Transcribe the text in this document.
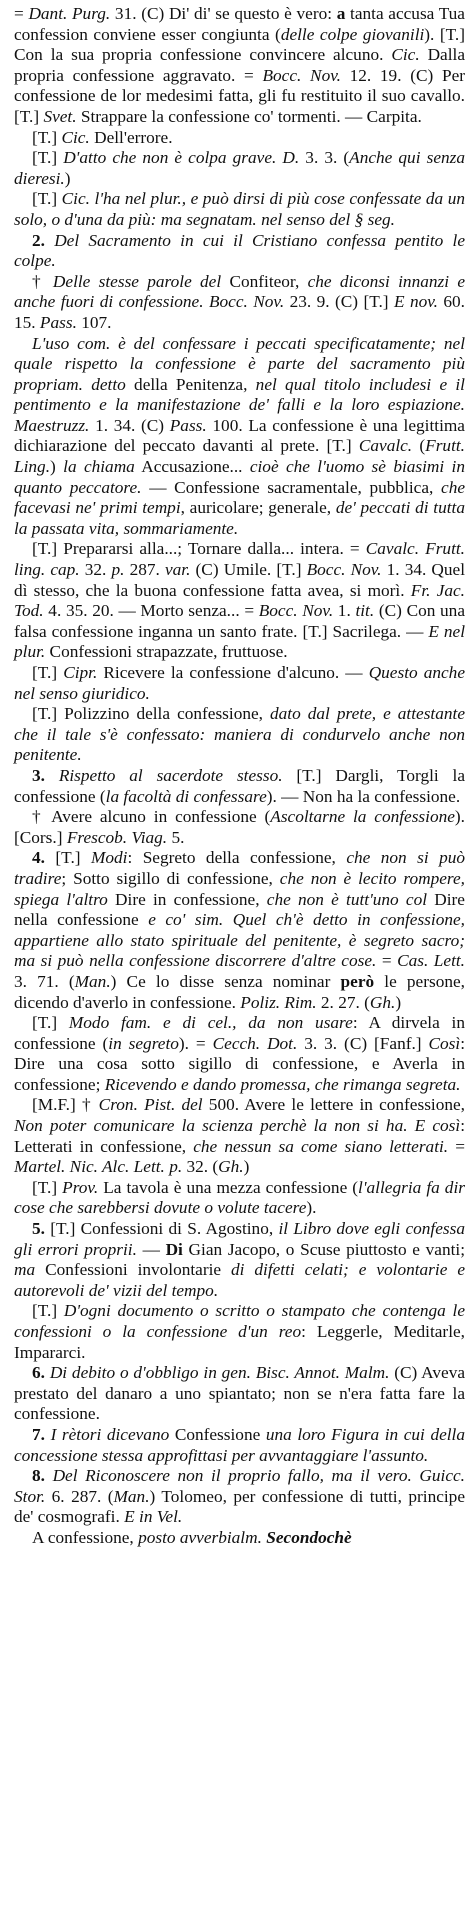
= Dant. Purg. 31. (C) Di' di' se questo è vero: a tanta accusa Tua confession conviene esser congiunta (delle colpe giovanili). [T.] Con la sua propria confessione convincere alcuno. Cic. Dalla propria confessione aggravato. = Bocc. Nov. 12. 19. (C) Per confessione de lor medesimi fatta, gli fu restituito il suo cavallo. [T.] Svet. Strappare la confessione co' tormenti. — Carpita.

[T.] Cic. Dell'errore.

[T.] D'atto che non è colpa grave. D. 3. 3. (Anche qui senza dieresi.)

[T.] Cic. l'ha nel plur., e può dirsi di più cose confessate da un solo, o d'una da più: ma segnatam. nel senso del § seg.

2. Del Sacramento in cui il Cristiano confessa pentito le colpe.

† Delle stesse parole del Confiteor, che diconsi innanzi e anche fuori di confessione. Bocc. Nov. 23. 9. (C) [T.] E nov. 60. 15. Pass. 107.

L'uso com. è del confessare i peccati specificatamente; nel quale rispetto la confessione è parte del sacramento più propriam. detto della Penitenza, nel qual titolo includesi e il pentimento e la manifestazione de' falli e la loro espiazione. Maestruzz. 1. 34. (C) Pass. 100. La confessione è una legittima dichiarazione del peccato davanti al prete. [T.] Cavalc. (Frutt. Ling.) la chiama Accusazione... cioè che l'uomo sè biasimi in quanto peccatore. — Confessione sacramentale, pubblica, che facevasi ne' primi tempi, auricolare; generale, de' peccati di tutta la passata vita, sommariamente.

[T.] Prepararsi alla...; Tornare dalla... intera. = Cavalc. Frutt. ling. cap. 32. p. 287. var. (C) Umile. [T.] Bocc. Nov. 1. 34. Quel dì stesso, che la buona confessione fatta avea, si morì. Fr. Jac. Tod. 4. 35. 20. — Morto senza... = Bocc. Nov. 1. tit. (C) Con una falsa confessione inganna un santo frate. [T.] Sacrilega. — E nel plur. Confessioni strapazzate, fruttuose.

[T.] Cipr. Ricevere la confessione d'alcuno. — Questo anche nel senso giuridico.

[T.] Polizzino della confessione, dato dal prete, e attestante che il tale s'è confessato: maniera di condurvelo anche non penitente.

3. Rispetto al sacerdote stesso. [T.] Dargli, Torgli la confessione (la facoltà di confessare). — Non ha la confessione.

† Avere alcuno in confessione (Ascoltarne la confessione). [Cors.] Frescob. Viag. 5.

4. [T.] Modi: Segreto della confessione, che non si può tradire; Sotto sigillo di confessione, che non è lecito rompere, spiega l'altro Dire in confessione, che non è tutt'uno col Dire nella confessione e co' sim. Quel ch'è detto in confessione, appartiene allo stato spirituale del penitente, è segreto sacro; ma si può nella confessione discorrere d'altre cose. = Cas. Lett. 3. 71. (Man.) Ce lo disse senza nominar però le persone, dicendo d'averlo in confessione. Poliz. Rim. 2. 27. (Gh.)

[T.] Modo fam. e di cel., da non usare: A dirvela in confessione (in segreto). = Cecch. Dot. 3. 3. (C) [Fanf.] Così: Dire una cosa sotto sigillo di confessione, e Averla in confessione; Ricevendo e dando promessa, che rimanga segreta.

[M.F.] † Cron. Pist. del 500. Avere le lettere in confessione, Non poter comunicare la scienza perchè la non si ha. E così: Letterati in confessione, che nessun sa come siano letterati. = Martel. Nic. Alc. Lett. p. 32. (Gh.)

[T.] Prov. La tavola è una mezza confessione (l'allegria fa dir cose che sarebbersi dovute o volute tacere).

5. [T.] Confessioni di S. Agostino, il Libro dove egli confessa gli errori proprii. — Di Gian Jacopo, o Scuse piuttosto e vanti; ma Confessioni involontarie di difetti celati; e volontarie e autorevoli de' vizii del tempo.

[T.] D'ogni documento o scritto o stampato che contenga le confessioni o la confessione d'un reo: Leggerle, Meditarle, Impararci.

6. Di debito o d'obbligo in gen. Bisc. Annot. Malm. (C) Aveva prestato del danaro a uno spiantato; non se n'era fatta fare la confessione.

7. I rètori dicevano Confessione una loro Figura in cui della concessione stessa approfittasi per avvantaggiare l'assunto.

8. Del Riconoscere non il proprio fallo, ma il vero. Guicc. Stor. 6. 287. (Man.) Tolomeo, per confessione di tutti, principe de' cosmografi. E in Vel.

A confessione, posto avverbialm. Secondochè
